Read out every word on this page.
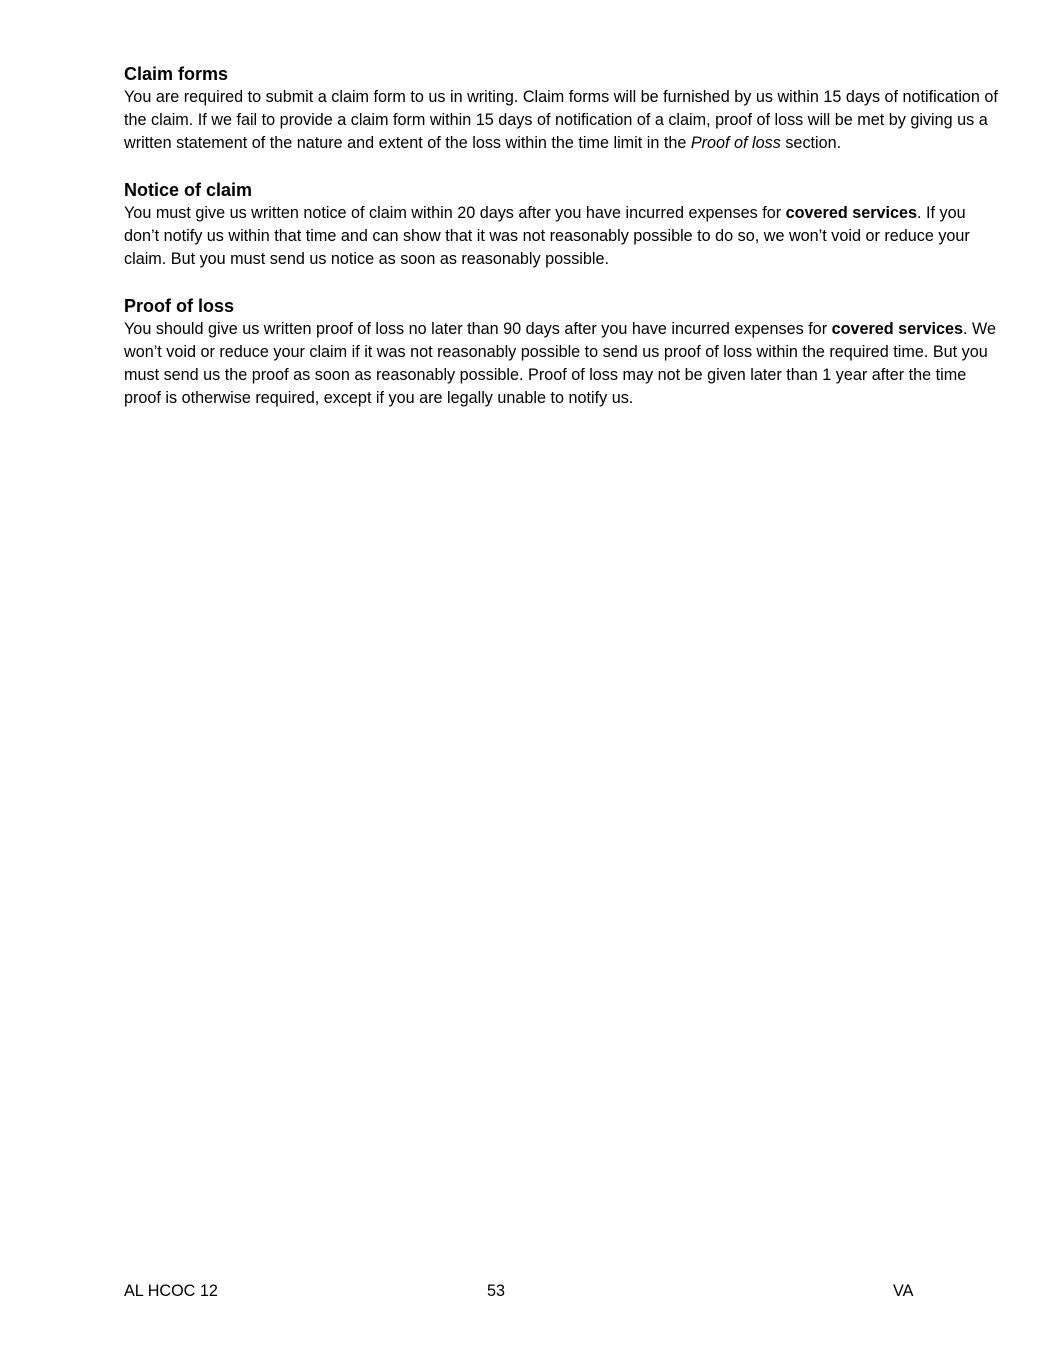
Claim forms

You are required to submit a claim form to us in writing. Claim forms will be furnished by us within 15 days of notification of the claim. If we fail to provide a claim form within 15 days of notification of a claim, proof of loss will be met by giving us a written statement of the nature and extent of the loss within the time limit in the Proof of loss section.

Notice of claim

You must give us written notice of claim within 20 days after you have incurred expenses for covered services. If you don’t notify us within that time and can show that it was not reasonably possible to do so, we won’t void or reduce your claim. But you must send us notice as soon as reasonably possible.

Proof of loss

You should give us written proof of loss no later than 90 days after you have incurred expenses for covered services. We won’t void or reduce your claim if it was not reasonably possible to send us proof of loss within the required time. But you must send us the proof as soon as reasonably possible. Proof of loss may not be given later than 1 year after the time proof is otherwise required, except if you are legally unable to notify us.

AL HCOC 12	53	VA
